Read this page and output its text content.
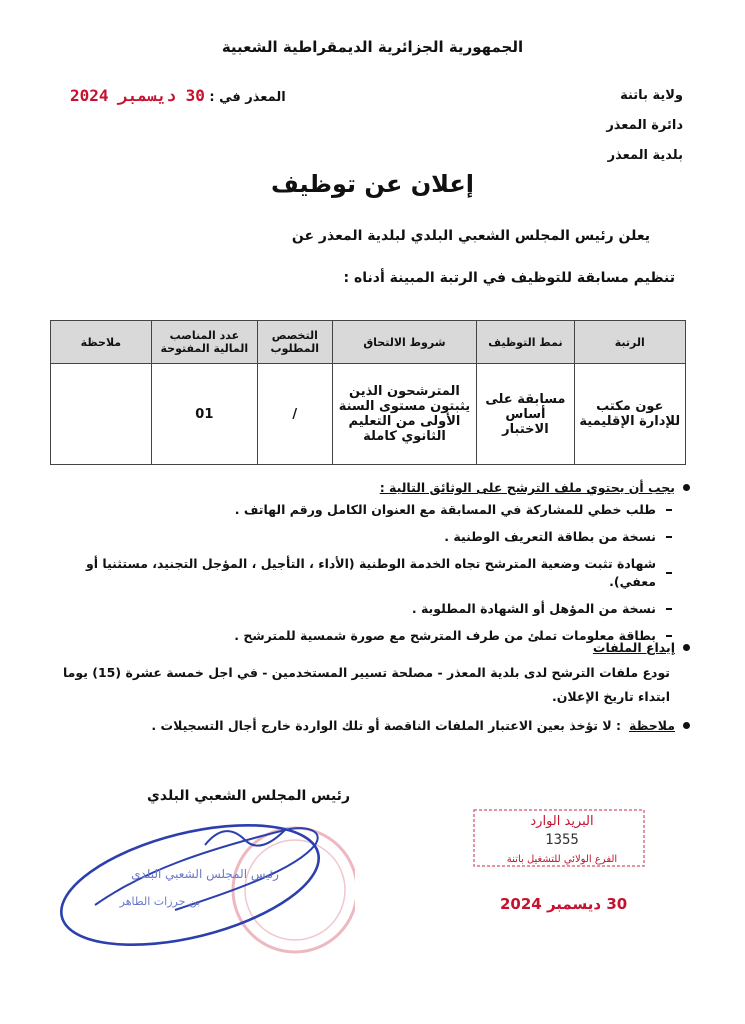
الجمهورية الجزائرية الديمقراطية الشعبية
ولاية باتنة
دائرة المعذر
بلدية المعذر
المعذر في : 30 ديسمبر 2024
إعلان عن توظيف
يعلن رئيس المجلس الشعبي البلدي لبلدية المعذر عن
تنظيم مسابقة للتوظيف في الرتبة المبينة أدناه :
الرتبة	نمط التوظيف	شروط الالتحاق	التخصص المطلوب	عدد المناصب المالية المفتوحة	ملاحظة
عون مكتب للإدارة الإقليمية	مسابقة على أساس الاختبار	المترشحون الذين يثبتون مستوى السنة الأولى من التعليم الثانوي كاملة	/	01	
يجب أن يحتوي ملف الترشح على الوثائق التالية :
طلب خطي للمشاركة في المسابقة مع العنوان الكامل ورقم الهاتف .
نسخة من بطاقة التعريف الوطنية .
شهادة تثبت وضعية المترشح تجاه الخدمة الوطنية (الأداء ، التأجيل ، المؤجل التجنيد، مستثنيا أو معفي).
نسخة من المؤهل أو الشهادة المطلوبة .
بطاقة معلومات تملئ من طرف المترشح مع صورة شمسية للمترشح .
إيداع الملفات

تودع ملفات الترشح لدى بلدية المعذر - مصلحة تسيير المستخدمين - في اجل خمسة عشرة (15) يوما ابتداء تاريخ الإعلان.

ملاحظة
: لا تؤخذ بعين الاعتبار الملفات الناقصة أو تلك الواردة خارج أجال التسجيلات .
رئيس المجلس الشعبي البلدي
رئيس المجلس الشعبي البلدي
بن حرزات الطاهر
البريد الوارد
1355
الفرع الولائي للتشغيل باتنة
30 ديسمبر 2024
